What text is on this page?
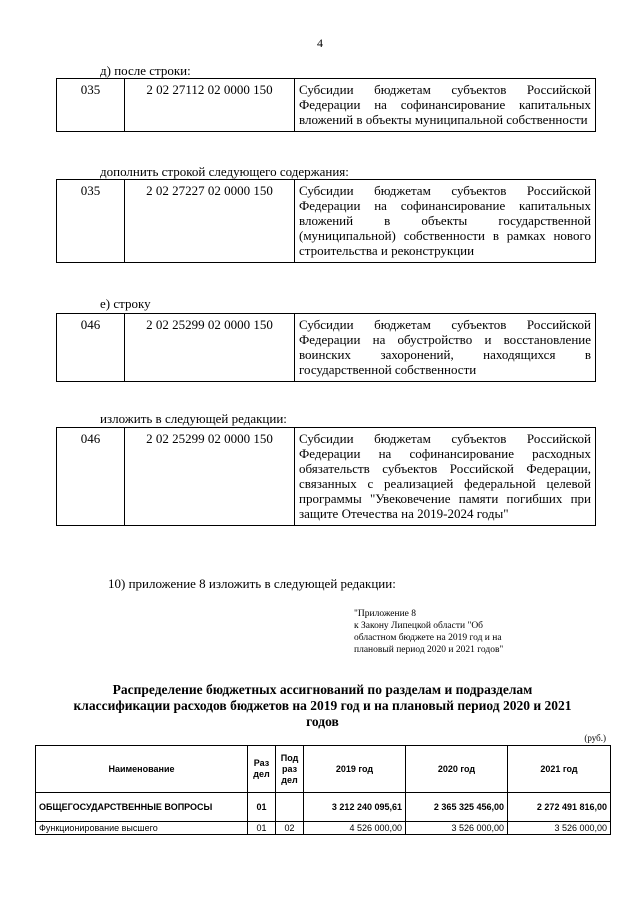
4
д) после строки:
035	2 02 27112 02 0000 150	Субсидии бюджетам субъектов Российской Федерации на софинансирование капитальных вложений в объекты муниципальной собственности
дополнить строкой следующего содержания:
035	2 02 27227 02 0000 150	Субсидии бюджетам субъектов Российской Федерации на софинансирование капитальных вложений в объекты государственной (муниципальной) собственности в рамках нового строительства и реконструкции
е) строку
046	2 02 25299 02 0000 150	Субсидии бюджетам субъектов Российской Федерации на обустройство и восстановление воинских захоронений, находящихся в государственной собственности
изложить в следующей редакции:
046	2 02 25299 02 0000 150	Субсидии бюджетам субъектов Российской Федерации на софинансирование расходных обязательств субъектов Российской Федерации, связанных с реализацией федеральной целевой программы "Увековечение памяти погибших при защите Отечества на 2019-2024 годы"
10) приложение 8 изложить в следующей редакции:
"Приложение 8
к Закону Липецкой области "Об
областном бюджете на 2019 год и на
плановый период 2020 и 2021 годов"
Распределение бюджетных ассигнований по разделам и подразделам классификации расходов бюджетов на 2019 год и на плановый период 2020 и 2021 годов
(руб.)
Наименование	Раз дел	Под раз дел	2019 год	2020 год	2021 год
ОБЩЕГОСУДАРСТВЕННЫЕ ВОПРОСЫ	01		3 212 240 095,61	2 365 325 456,00	2 272 491 816,00
Функционирование высшего	01	02	4 526 000,00	3 526 000,00	3 526 000,00
